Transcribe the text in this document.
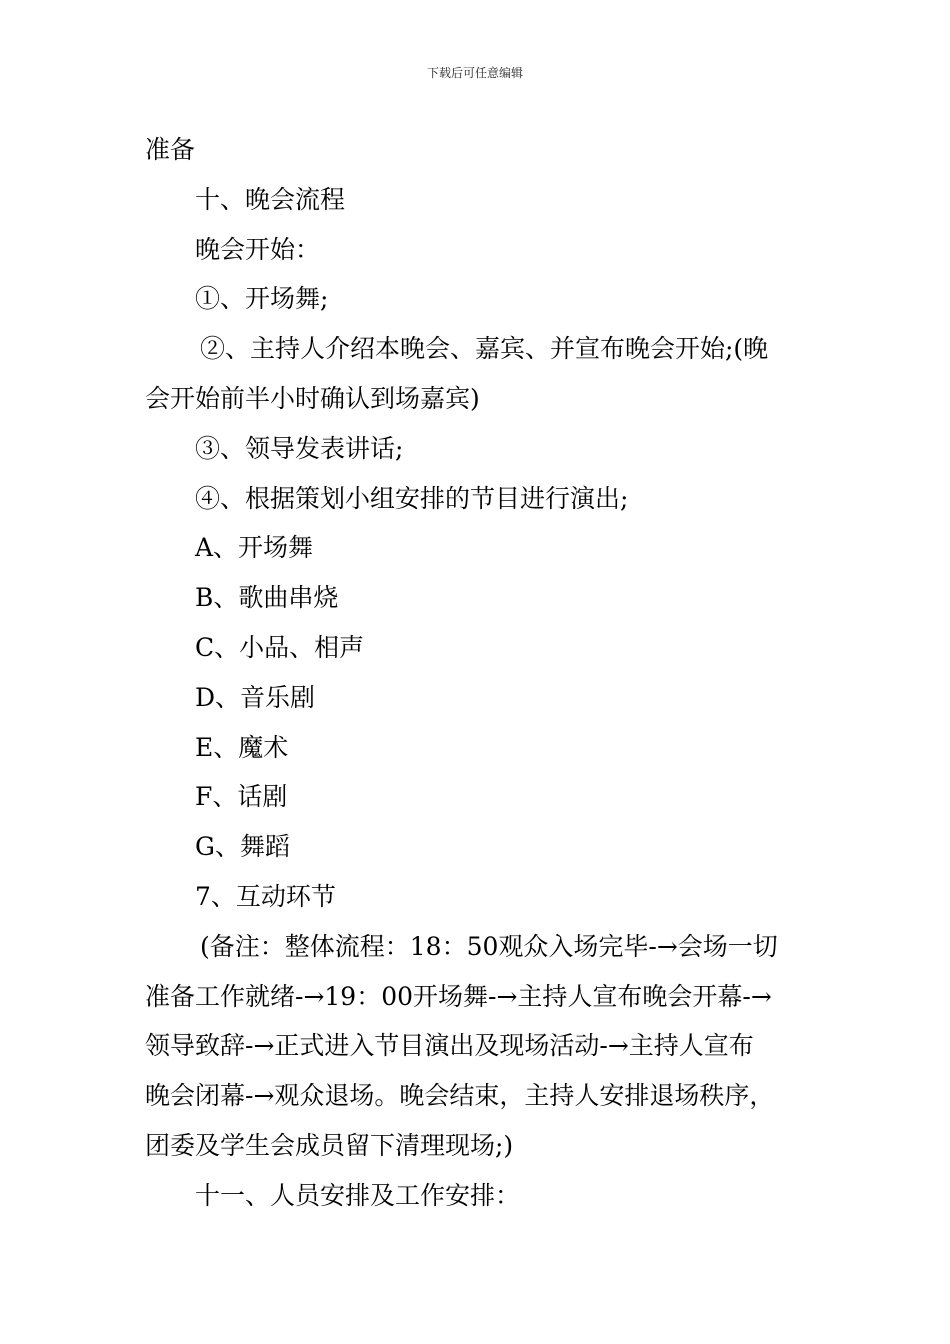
下载后可任意编辑
准备
十、晚会流程
晚会开始：
①、开场舞;
②、主持人介绍本晚会、嘉宾、并宣布晚会开始;(晚
会开始前半小时确认到场嘉宾)
③、领导发表讲话;
④、根据策划小组安排的节目进行演出;
A、开场舞
B、歌曲串烧
C、小品、相声
D、音乐剧
E、魔术
F、话剧
G、舞蹈
7、互动环节
(备注：整体流程：18：50观众入场完毕-→会场一切
准备工作就绪-→19：00开场舞-→主持人宣布晚会开幕-→
领导致辞-→正式进入节目演出及现场活动-→主持人宣布
晚会闭幕-→观众退场。晚会结束，主持人安排退场秩序，
团委及学生会成员留下清理现场;)
十一、人员安排及工作安排：
